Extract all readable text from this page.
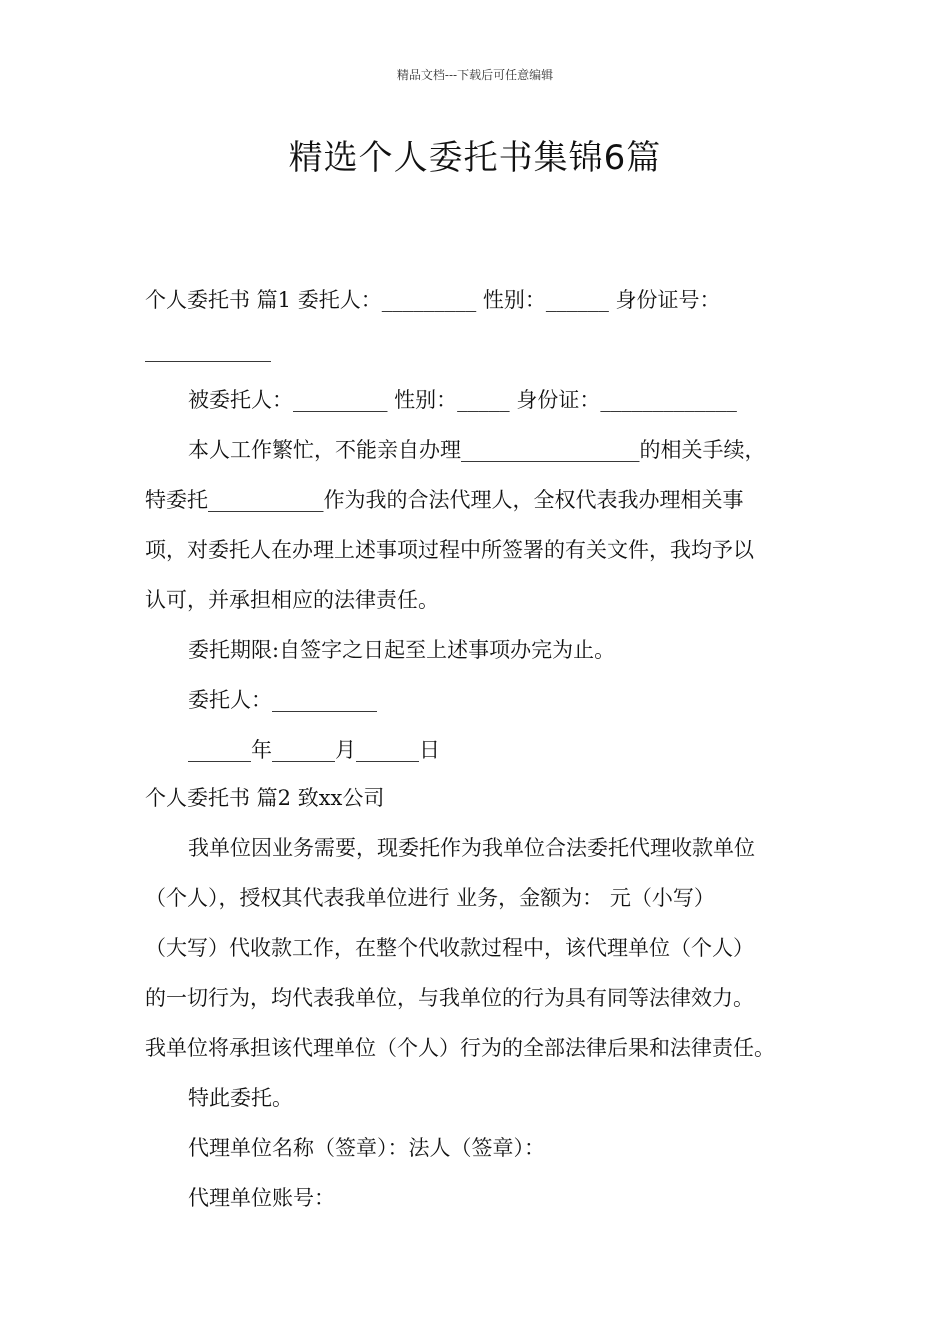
精品文档---下载后可任意编辑
精选个人委托书集锦6篇
个人委托书 篇1 委托人：_________ 性别：______ 身份证号：
____________
被委托人：_________ 性别：_____ 身份证：_____________
本人工作繁忙，不能亲自办理_________________的相关手续，
特委托___________作为我的合法代理人，全权代表我办理相关事
项，对委托人在办理上述事项过程中所签署的有关文件，我均予以
认可，并承担相应的法律责任。
委托期限:自签字之日起至上述事项办完为止。
委托人：__________
______年______月______日
个人委托书 篇2 致xx公司
我单位因业务需要，现委托作为我单位合法委托代理收款单位
（个人），授权其代表我单位进行 业务，金额为： 元（小写）
（大写）代收款工作，在整个代收款过程中，该代理单位（个人）
的一切行为，均代表我单位，与我单位的行为具有同等法律效力。
我单位将承担该代理单位（个人）行为的全部法律后果和法律责任。
特此委托。
代理单位名称（签章）：法人（签章）：
代理单位账号：
